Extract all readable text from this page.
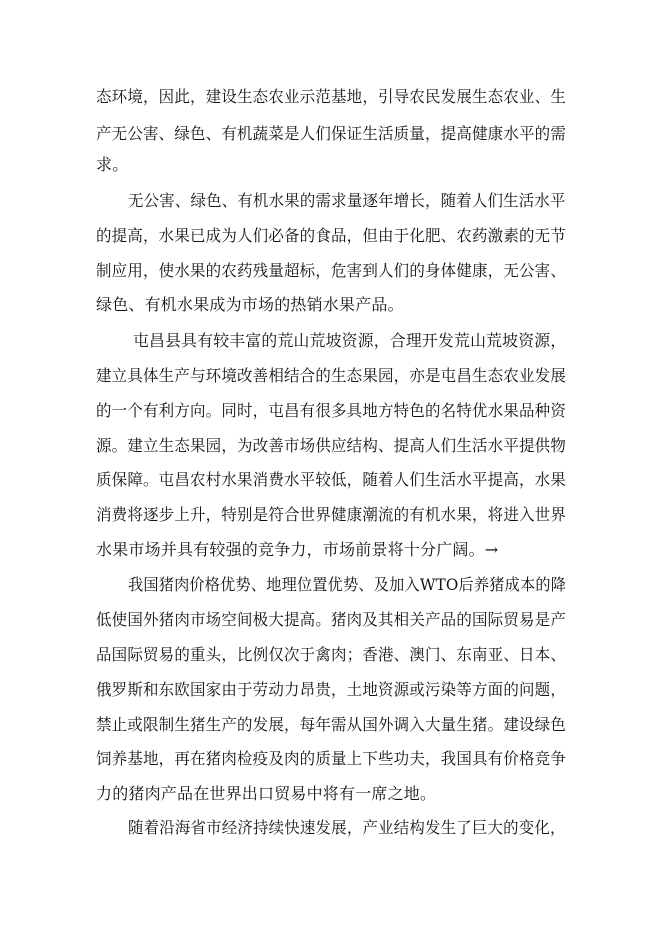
态环境，因此，建设生态农业示范基地，引导农民发展生态农业、生
产无公害、绿色、有机蔬菜是人们保证生活质量，提高健康水平的需
求。
无公害、绿色、有机水果的需求量逐年增长，随着人们生活水平
的提高，水果已成为人们必备的食品，但由于化肥、农药激素的无节
制应用，使水果的农药残量超标，危害到人们的身体健康，无公害、
绿色、有机水果成为市场的热销水果产品。
屯昌县具有较丰富的荒山荒坡资源，合理开发荒山荒坡资源，
建立具体生产与环境改善相结合的生态果园，亦是屯昌生态农业发展
的一个有利方向。同时，屯昌有很多具地方特色的名特优水果品种资
源。建立生态果园，为改善市场供应结构、提高人们生活水平提供物
质保障。屯昌农村水果消费水平较低，随着人们生活水平提高，水果
消费将逐步上升，特别是符合世界健康潮流的有机水果，将进入世界
水果市场并具有较强的竞争力，市场前景将十分广阔。→
我国猪肉价格优势、地理位置优势、及加入WTO后养猪成本的降
低使国外猪肉市场空间极大提高。猪肉及其相关产品的国际贸易是产
品国际贸易的重头，比例仅次于禽肉；香港、澳门、东南亚、日本、
俄罗斯和东欧国家由于劳动力昂贵，土地资源或污染等方面的问题，
禁止或限制生猪生产的发展，每年需从国外调入大量生猪。建设绿色
饲养基地，再在猪肉检疫及肉的质量上下些功夫，我国具有价格竞争
力的猪肉产品在世界出口贸易中将有一席之地。
随着沿海省市经济持续快速发展，产业结构发生了巨大的变化，
